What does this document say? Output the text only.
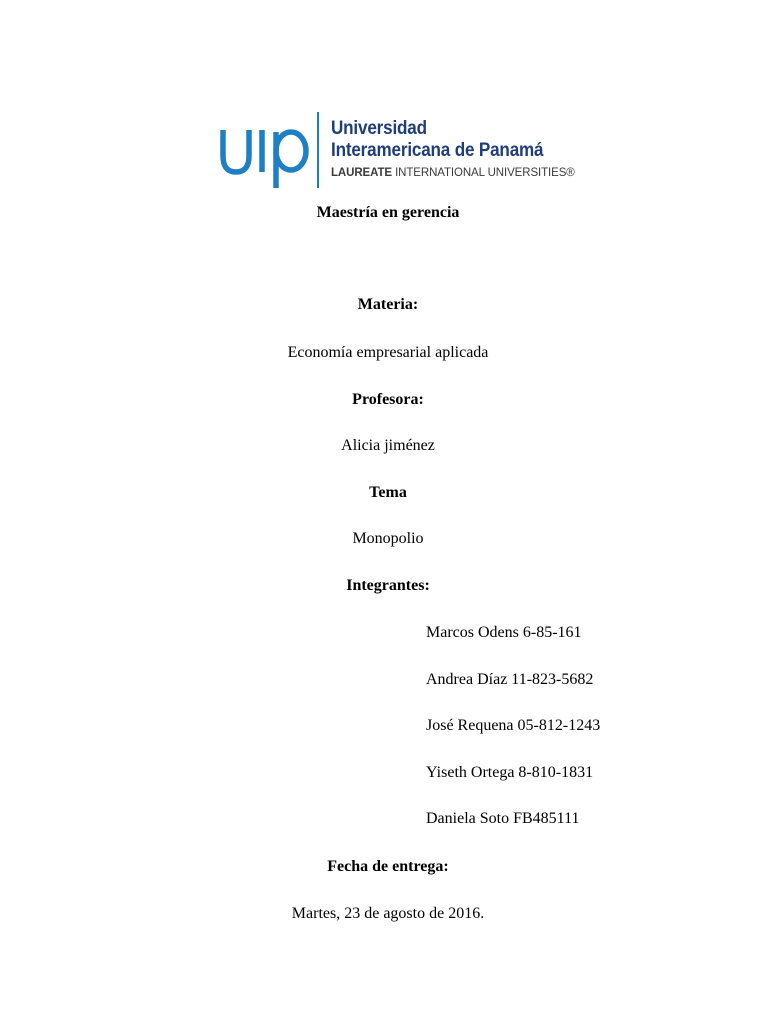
Universidad
Interamericana de Panamá
LAUREATE INTERNATIONAL UNIVERSITIES®
Maestría en gerencia
Materia:
Economía empresarial aplicada
Profesora:
Alicia jiménez
Tema
Monopolio
Integrantes:
Marcos Odens 6-85-161
Andrea Díaz 11-823-5682
José Requena 05-812-1243
Yiseth Ortega 8-810-1831
Daniela Soto FB485111
Fecha de entrega:
Martes, 23 de agosto de 2016.
